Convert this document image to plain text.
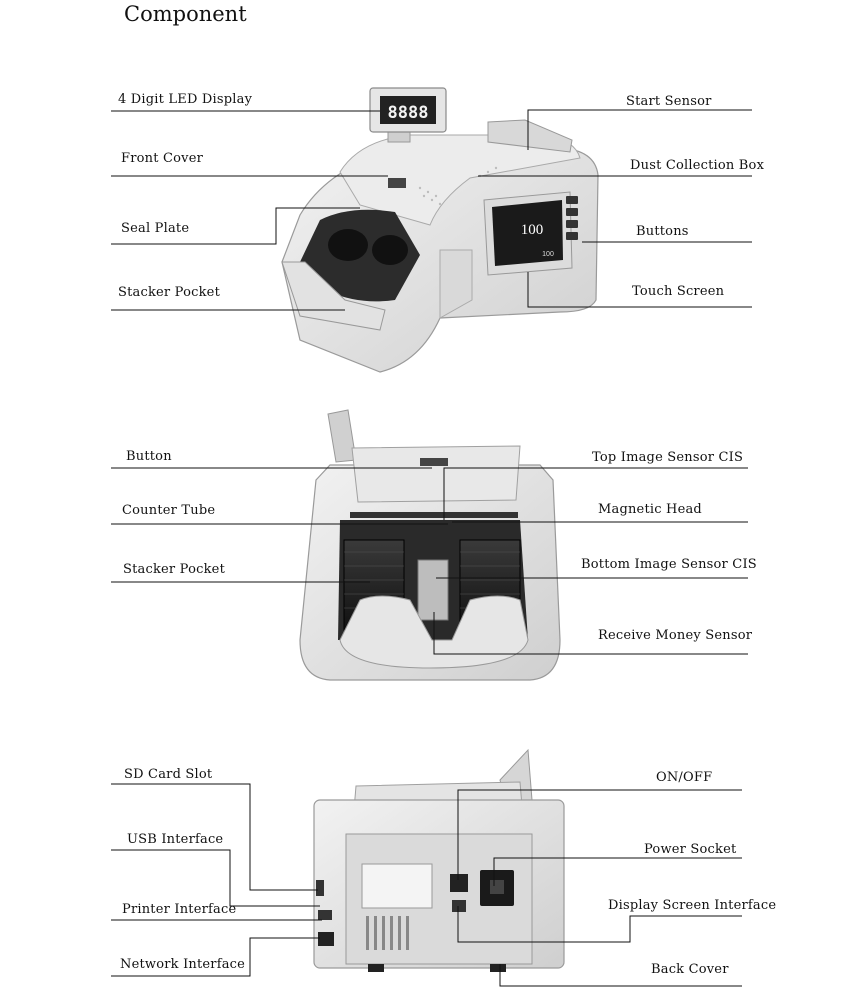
Component
8888
100
100
4 Digit LED Display
Front Cover
Seal Plate
Stacker Pocket
Start Sensor
Dust Collection Box
Buttons
Touch Screen
Button
Counter Tube
Stacker Pocket
Top Image Sensor CIS
Magnetic Head
Bottom Image Sensor CIS
Receive Money Sensor
SD Card Slot
USB Interface
Printer Interface
Network Interface
ON/OFF
Power Socket
Display Screen Interface
Back Cover
